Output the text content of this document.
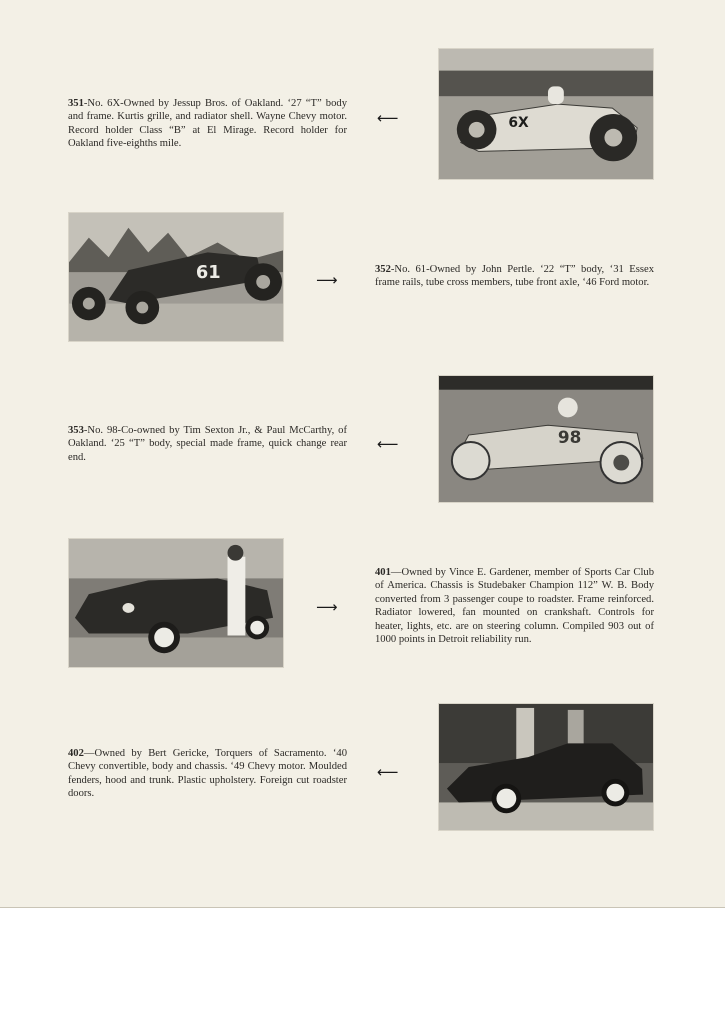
351-No. 6X-Owned by Jessup Bros. of Oakland. ‘27 “T” body and frame. Kurtis grille, and radiator shell. Wayne Chevy motor. Record holder Class “B” at El Mirage. Record holder for Oakland five-eighths mile.
⟵	6X
61	⟶
352-No. 61-Owned by John Pertle. ‘22 “T” body, ‘31 Essex frame rails, tube cross members, tube front axle, ‘46 Ford motor.
353-No. 98-Co-owned by Tim Sexton Jr., & Paul McCarthy, of Oakland. ‘25 “T” body, special made frame, quick change rear end.
⟵	98
⟶
401—Owned by Vince E. Gardener, member of Sports Car Club of America. Chassis is Studebaker Champion 112” W. B. Body converted from 3 passenger coupe to roadster. Frame reinforced. Radiator lowered, fan mounted on crankshaft. Controls for heater, lights, etc. are on steering column. Compiled 903 out of 1000 points in Detroit reliability run.
402—Owned by Bert Gericke, Torquers of Sacramento. ‘40 Chevy convertible, body and chassis. ‘49 Chevy motor. Moulded fenders, hood and trunk. Plastic upholstery. Foreign cut roadster doors.
⟵
